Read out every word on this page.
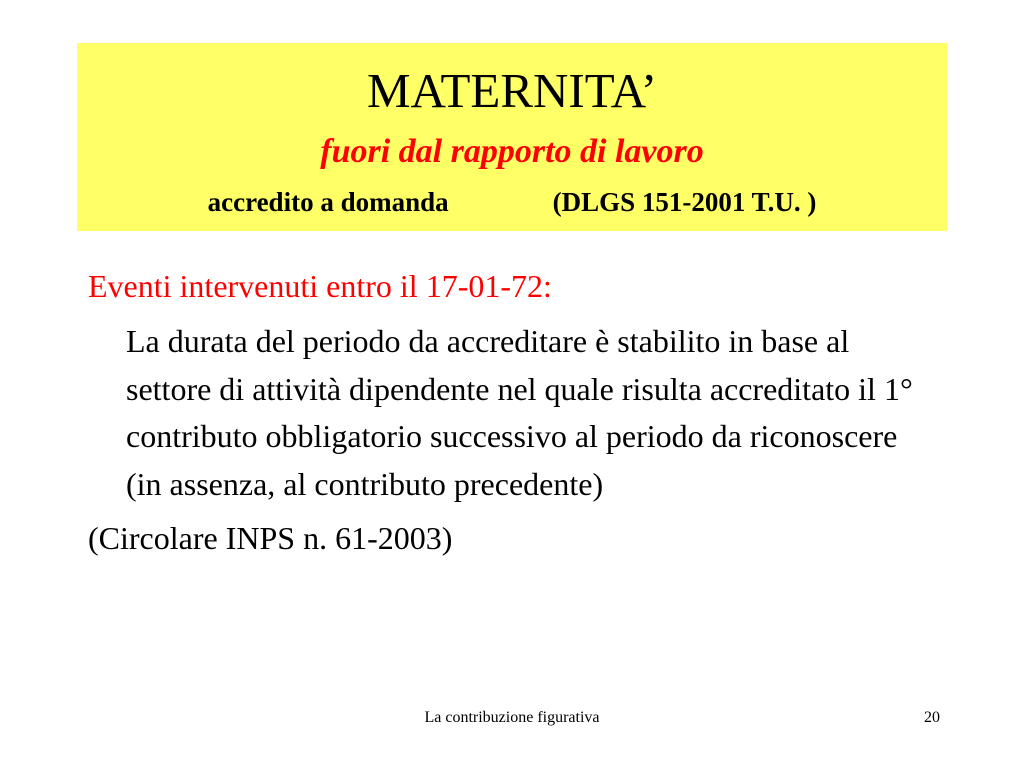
MATERNITA’
fuori dal rapporto di lavoro
accredito a domanda	(DLGS 151-2001 T.U. )

Eventi intervenuti entro il 17-01-72:

La durata del periodo da accreditare è stabilito in base al settore di attività dipendente nel quale risulta accreditato il 1° contributo obbligatorio successivo al periodo da riconoscere (in assenza, al contributo precedente)

(Circolare INPS n. 61-2003)

La contribuzione figurativa	20
